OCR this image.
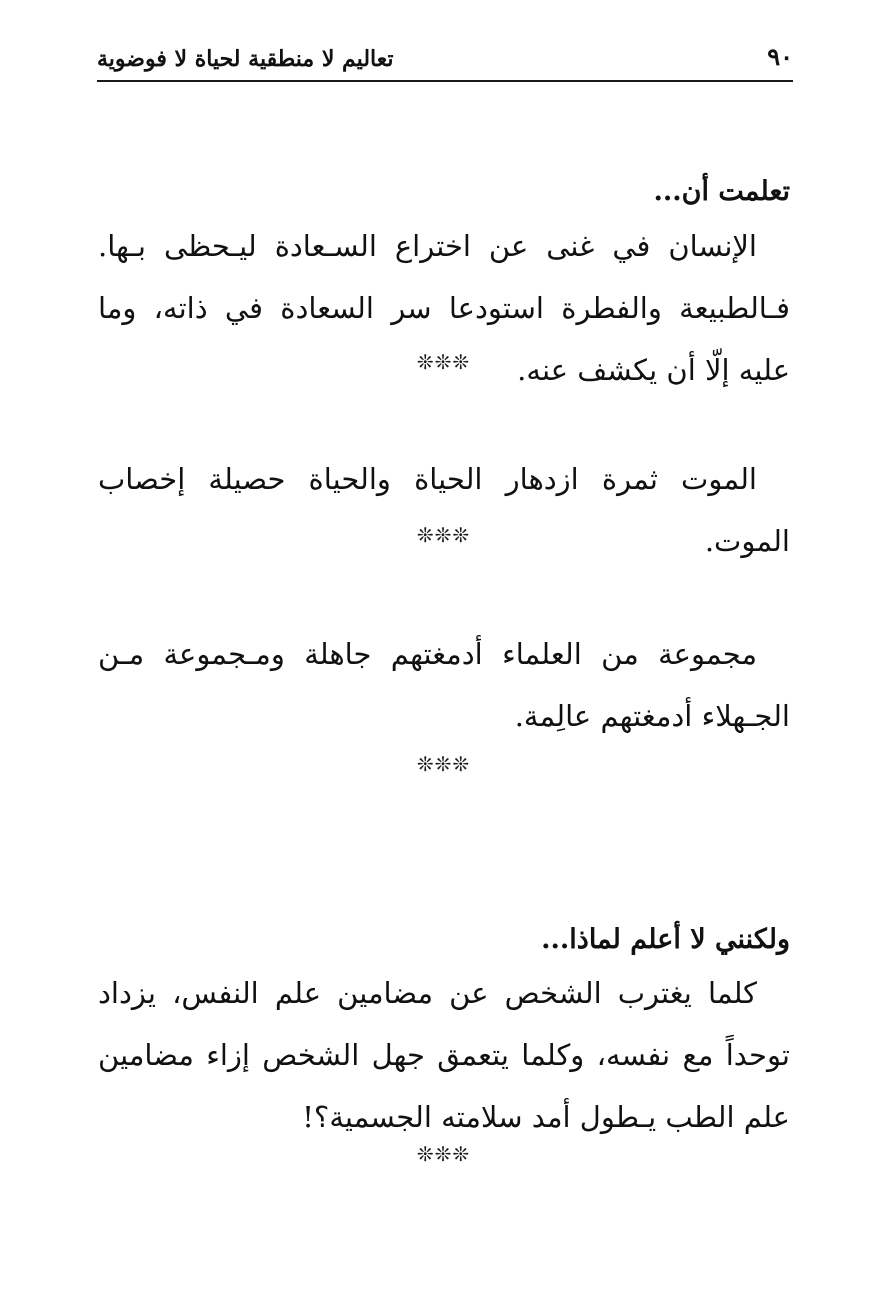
٩٠
تعاليم لا منطقية لحياة لا فوضوية
تعلمت أن...
الإنسان في غنى عن اختراع السـعادة ليـحظى بـها. فـالطبيعة والفطرة استودعا سر السعادة في ذاته، وما عليه إلّا أن يكشف عنه.
❊❊❊
الموت ثمرة ازدهار الحياة والحياة حصيلة إخصاب الموت.
❊❊❊
مجموعة من العلماء أدمغتهم جاهلة ومـجموعة مـن الجـهلاء أدمغتهم عالِمة.
❊❊❊
ولكنني لا أعلم لماذا...
كلما يغترب الشخص عن مضامين علم النفس، يزداد توحداً مع نفسه، وكلما يتعمق جهل الشخص إزاء مضامين علم الطب يـطول أمد سلامته الجسمية؟!
❊❊❊
